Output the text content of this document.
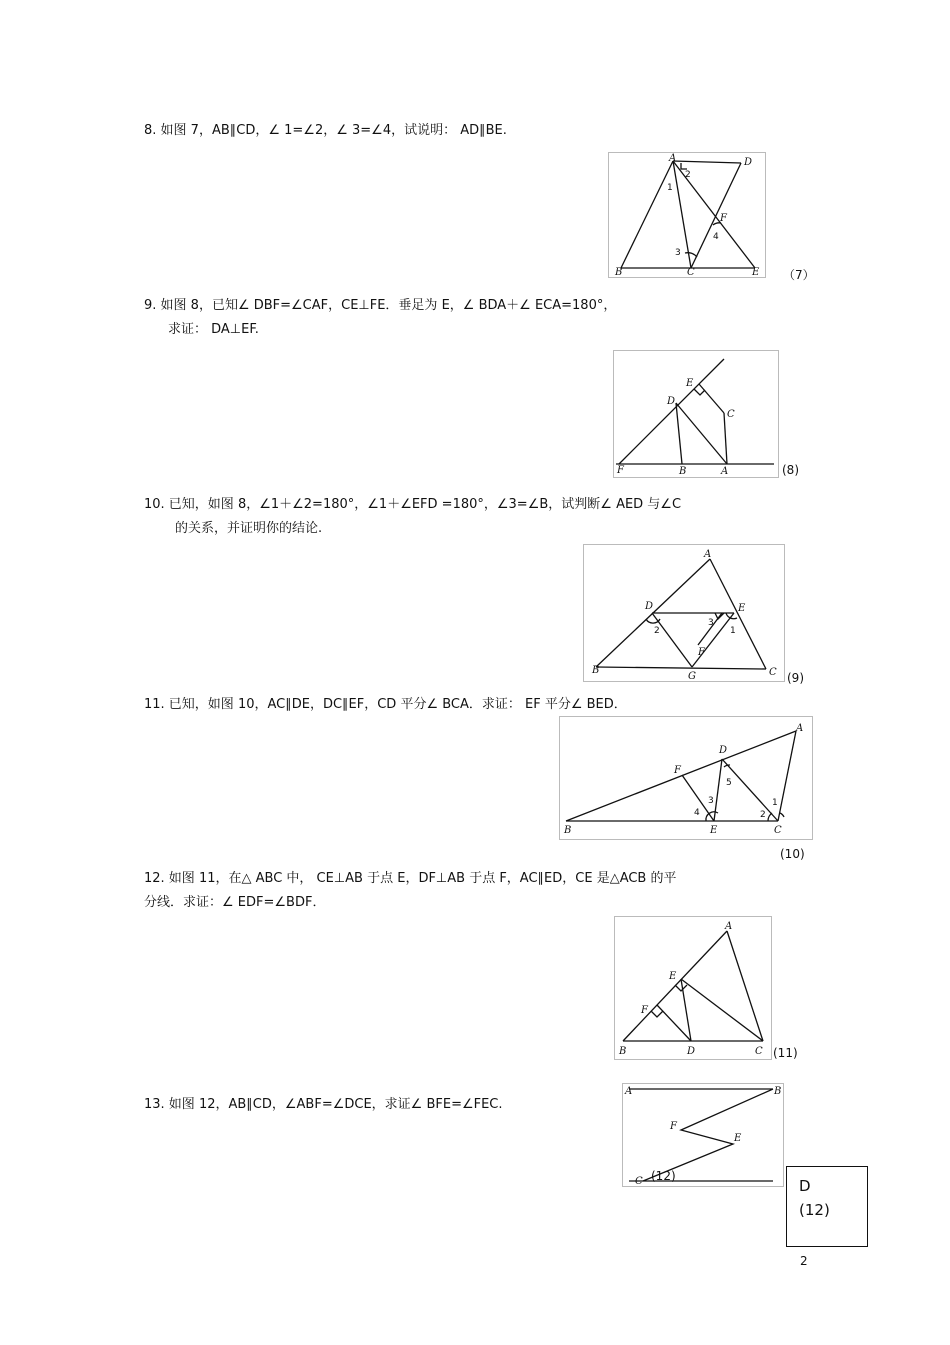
8. 如图 7，AB∥CD，∠ 1=∠2，∠ 3=∠4，试说明： AD∥BE.
A	D
B	C	E
F
1
2
3
4
（7）
9. 如图 8，已知∠ DBF=∠CAF，CE⊥FE．垂足为 E，∠ BDA＋∠ ECA=180°，
求证： DA⊥EF.
E
D
C
F	B	A	(8)
10. 已知，如图 8，∠1＋∠2=180°，∠1＋∠EFD =180°，∠3=∠B，试判断∠ AED 与∠C
的关系，并证明你的结论.
A
D	E
B
G	C
F
2
3
1
(9)
11. 已知，如图 10，AC∥DE，DC∥EF，CD 平分∠ BCA．求证： EF 平分∠ BED．
A
D
F
B	E	C
5
3
4	2
1
(10)
12. 如图 11，在△ ABC 中， CE⊥AB 于点 E，DF⊥AB 于点 F，AC∥ED，CE 是△ACB 的平
分线．求证：∠ EDF=∠BDF．
A
E
F
B	D	C (11)
13. 如图 12，AB∥CD，∠ABF=∠DCE，求证∠ BFE=∠FEC.
A	B
F
E
C (12)
D
(12)
2
